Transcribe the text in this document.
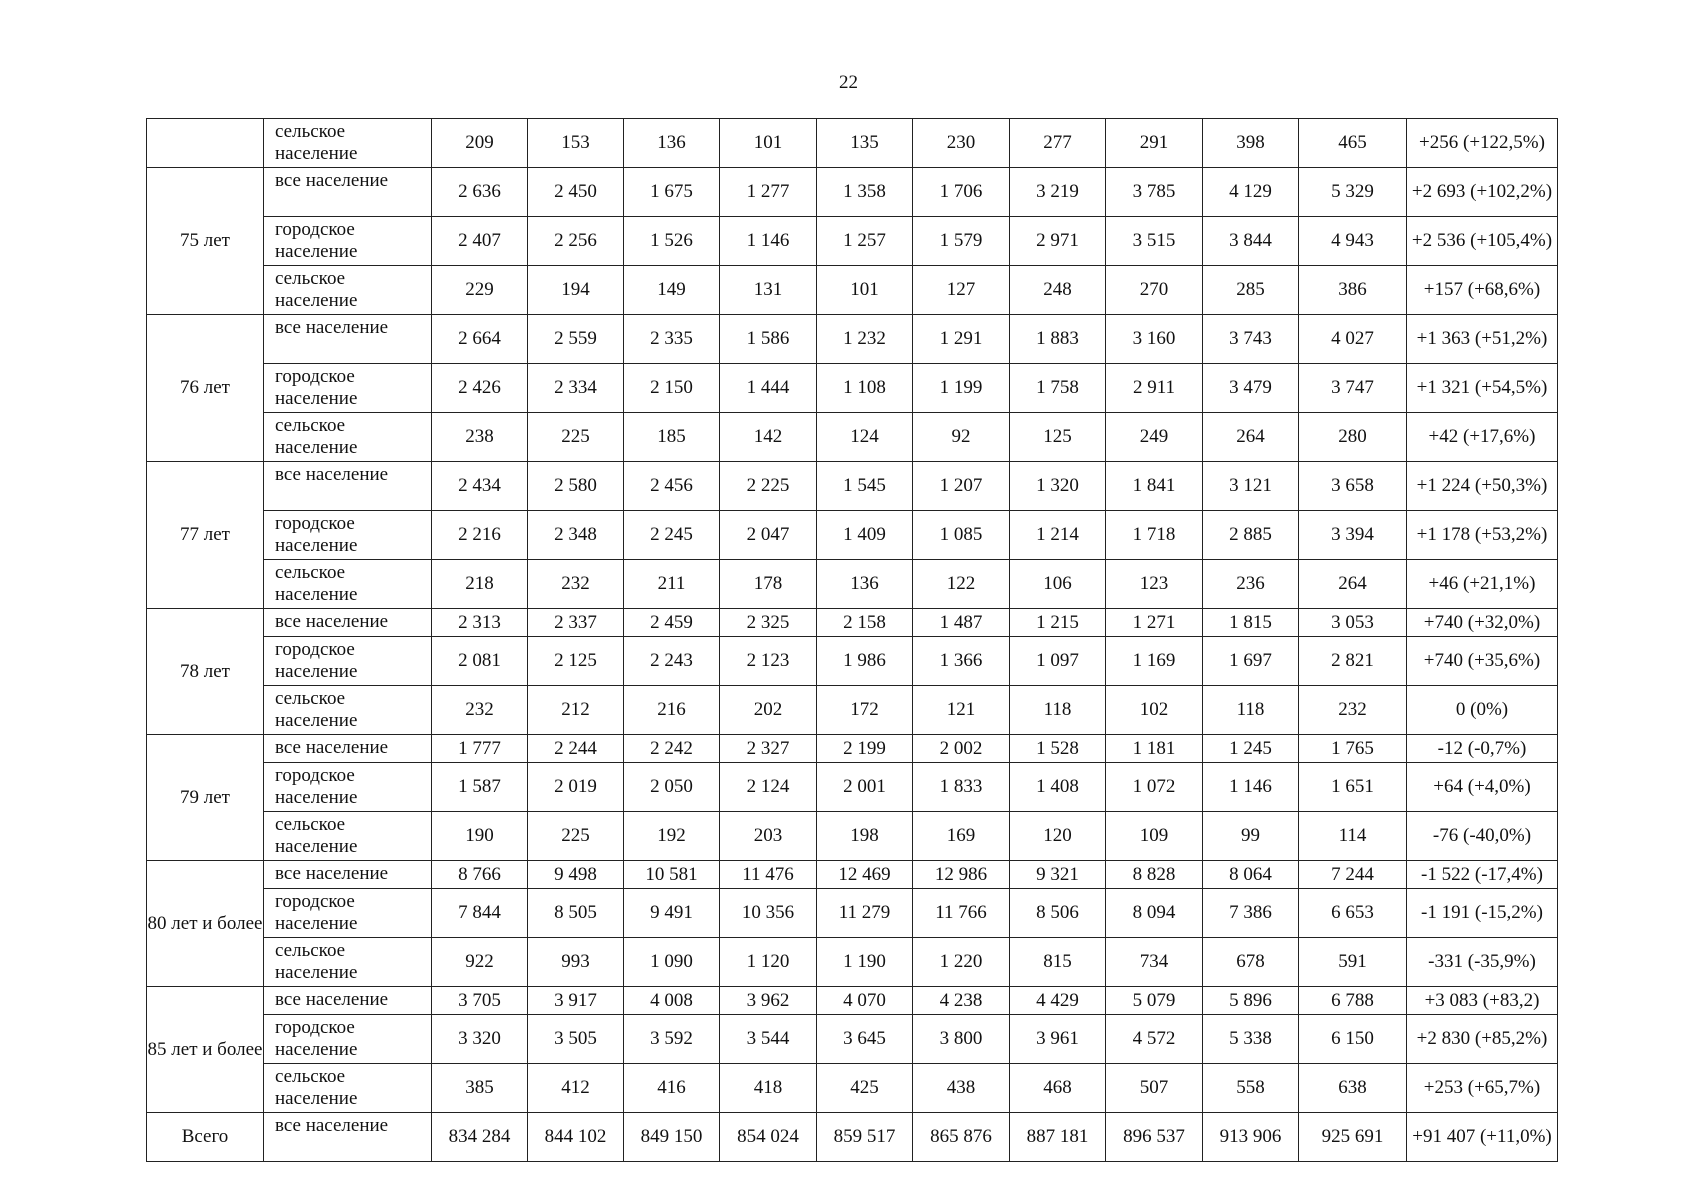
22
	сельское население	209	153	136	101	135	230	277	291	398	465	+256 (+122,5%)
75 лет	все население	2 636	2 450	1 675	1 277	1 358	1 706	3 219	3 785	4 129	5 329	+2 693 (+102,2%)
	городское население	2 407	2 256	1 526	1 146	1 257	1 579	2 971	3 515	3 844	4 943	+2 536 (+105,4%)
	сельское население	229	194	149	131	101	127	248	270	285	386	+157 (+68,6%)
76 лет	все население	2 664	2 559	2 335	1 586	1 232	1 291	1 883	3 160	3 743	4 027	+1 363 (+51,2%)
	городское население	2 426	2 334	2 150	1 444	1 108	1 199	1 758	2 911	3 479	3 747	+1 321 (+54,5%)
	сельское население	238	225	185	142	124	92	125	249	264	280	+42 (+17,6%)
77 лет	все население	2 434	2 580	2 456	2 225	1 545	1 207	1 320	1 841	3 121	3 658	+1 224 (+50,3%)
	городское население	2 216	2 348	2 245	2 047	1 409	1 085	1 214	1 718	2 885	3 394	+1 178 (+53,2%)
	сельское население	218	232	211	178	136	122	106	123	236	264	+46 (+21,1%)
78 лет	все население	2 313	2 337	2 459	2 325	2 158	1 487	1 215	1 271	1 815	3 053	+740 (+32,0%)
	городское население	2 081	2 125	2 243	2 123	1 986	1 366	1 097	1 169	1 697	2 821	+740 (+35,6%)
	сельское население	232	212	216	202	172	121	118	102	118	232	0 (0%)
79 лет	все население	1 777	2 244	2 242	2 327	2 199	2 002	1 528	1 181	1 245	1 765	-12 (-0,7%)
	городское население	1 587	2 019	2 050	2 124	2 001	1 833	1 408	1 072	1 146	1 651	+64 (+4,0%)
	сельское население	190	225	192	203	198	169	120	109	99	114	-76 (-40,0%)
80 лет и более	все население	8 766	9 498	10 581	11 476	12 469	12 986	9 321	8 828	8 064	7 244	-1 522 (-17,4%)
	городское население	7 844	8 505	9 491	10 356	11 279	11 766	8 506	8 094	7 386	6 653	-1 191 (-15,2%)
	сельское население	922	993	1 090	1 120	1 190	1 220	815	734	678	591	-331 (-35,9%)
85 лет и более	все население	3 705	3 917	4 008	3 962	4 070	4 238	4 429	5 079	5 896	6 788	+3 083 (+83,2)
	городское население	3 320	3 505	3 592	3 544	3 645	3 800	3 961	4 572	5 338	6 150	+2 830 (+85,2%)
	сельское население	385	412	416	418	425	438	468	507	558	638	+253 (+65,7%)
Всего	все население	834 284	844 102	849 150	854 024	859 517	865 876	887 181	896 537	913 906	925 691	+91 407 (+11,0%)
